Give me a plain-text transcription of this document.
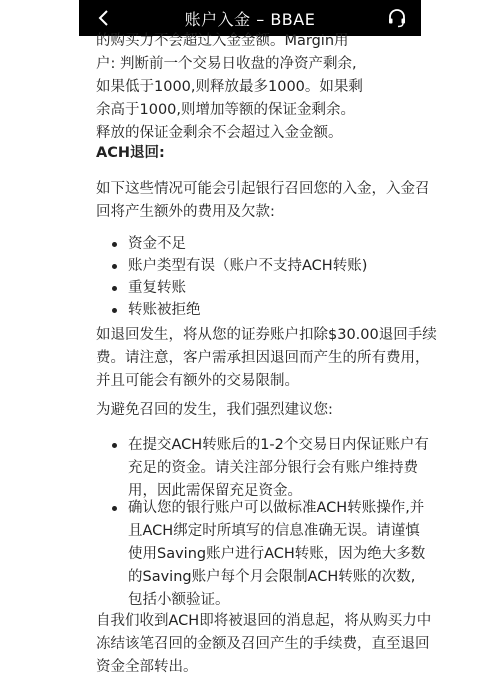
账户入金 – BBAE
的购买力不会超过入金金额。Margin用
户: 判断前一个交易日收盘的净资产剩余,
如果低于1000,则释放最多1000。如果剩
余高于1000,则增加等额的保证金剩余。
释放的保证金剩余不会超过入金金额。
ACH退回:
如下这些情况可能会引起银行召回您的入金，入金召
回将产生额外的费用及欠款:
资金不足
账户类型有误（账户不支持ACH转账)
重复转账
转账被拒绝
如退回发生，将从您的证券账户扣除$30.00退回手续
费。请注意，客户需承担因退回而产生的所有费用，
并且可能会有额外的交易限制。
为避免召回的发生，我们强烈建议您:
在提交ACH转账后的1-2个交易日内保证账户有
充足的资金。请关注部分银行会有账户维持费
用，因此需保留充足资金。
确认您的银行账户可以做标准ACH转账操作,并
且ACH绑定时所填写的信息准确无误。请谨慎
使用Saving账户进行ACH转账，因为绝大多数
的Saving账户每个月会限制ACH转账的次数,
包括小额验证。
自我们收到ACH即将被退回的消息起，将从购买力中
冻结该笔召回的金额及召回产生的手续费，直至退回
资金全部转出。
